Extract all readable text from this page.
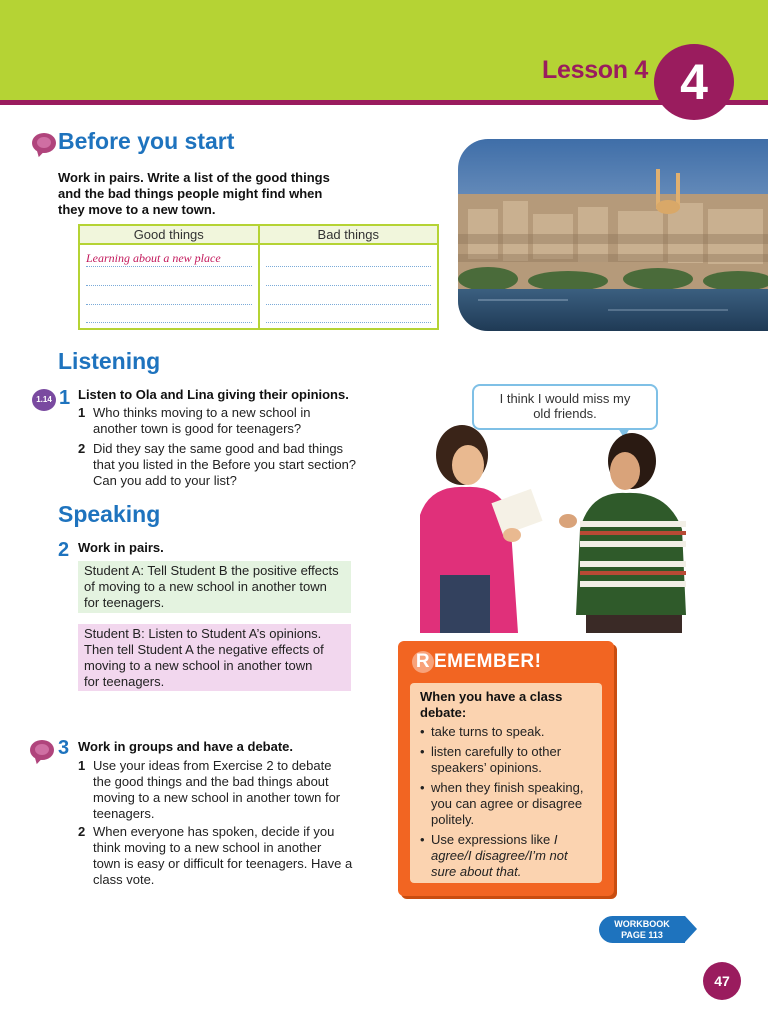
Lesson 4 4
Before you start
Work in pairs. Write a list of the good things
and the bad things people might find when
they move to a new town.
Good things
Learning about a new place
Bad things
Listening
1.14 1 Listen to Ola and Lina giving their opinions.
1 Who thinks moving to a new school in
another town is good for teenagers?
2 Did they say the same good and bad things
that you listed in the Before you start section?
Can you add to your list?
Speaking
2 Work in pairs.
Student A: Tell Student B the positive effects
of moving to a new school in another town
for teenagers.
Student B: Listen to Student A’s opinions.
Then tell Student A the negative effects of
moving to a new school in another town
for teenagers.
3 Work in groups and have a debate.
1 Use your ideas from Exercise 2 to debate
the good things and the bad things about
moving to a new school in another town for
teenagers.
2 When everyone has spoken, decide if you
think moving to a new school in another
town is easy or difficult for teenagers. Have a
class vote.
I think I would miss my
old friends.
R EMEMBER!
When you have a class
debate:
• take turns to speak.
• listen carefully to other
speakers’ opinions.
• when they finish speaking,
you can agree or disagree
politely.
• Use expressions like I
agree/I disagree/I’m not
sure about that.
WORKBOOK
PAGE 113
47
